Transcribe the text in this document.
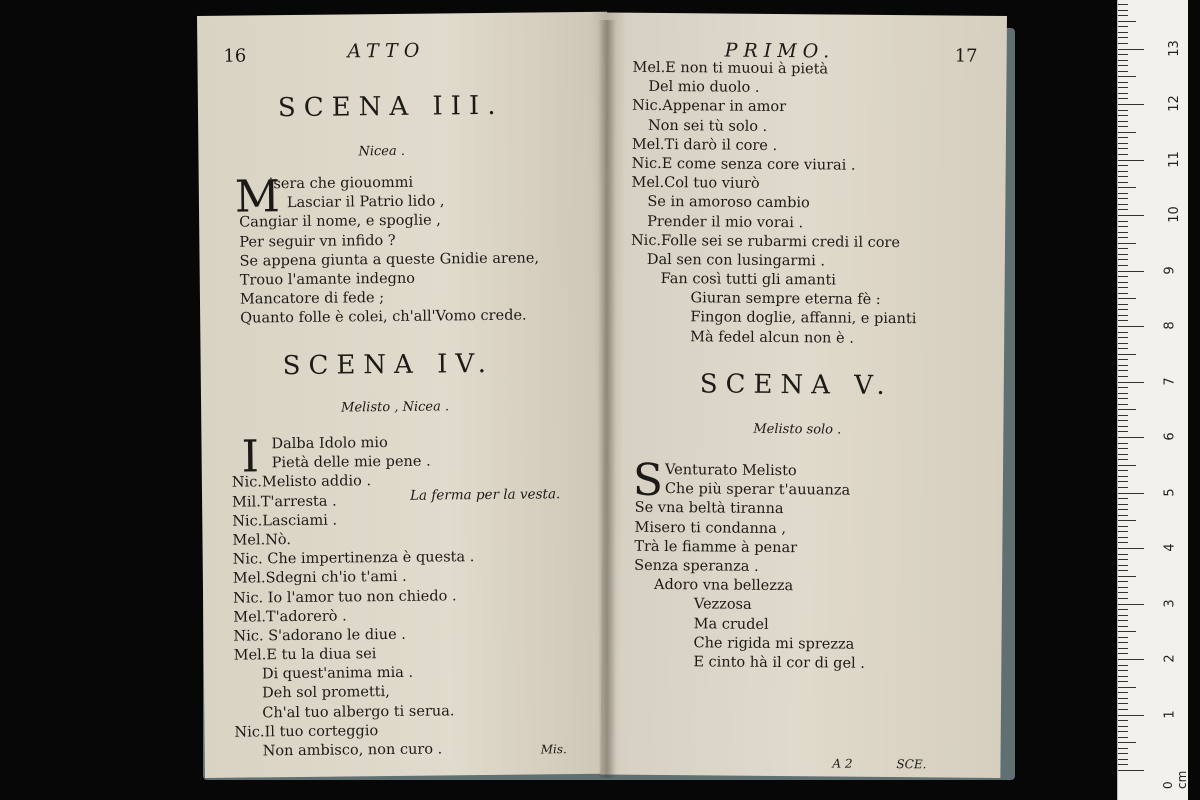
16	ATTO
SCENA III.
Nicea .
M
isera che giouommi
Lasciar il Patrio lido ,
Cangiar il nome, e spoglie ,
Per seguir vn infido ?
Se appena giunta a queste Gnidie arene,
Trouo l'amante indegno
Mancatore di fede ;
Quanto folle è colei, ch'all'Vomo crede.
SCENA IV.
Melisto , Nicea .
I Dalba Idolo mio
Pietà delle mie pene .
Nic.Melisto addio .
Mil.T'arresta .
Nic.Lasciami .
Mel.Nò.
Nic. Che impertinenza è questa .
Mel.Sdegni ch'io t'ami .
Nic. Io l'amor tuo non chiedo .
Mel.T'adorerò .
Nic. S'adorano le diue .
Mel.E tu la diua sei
Di quest'anima mia .
Deh sol prometti,
Ch'al tuo albergo ti serua.
Nic.Il tuo corteggio
Non ambisco, non curo .
La ferma per la vesta.
Mis.
PRIMO.	17
Mel.E non ti muoui à pietà
Del mio duolo .
Nic.Appenar in amor
Non sei tù solo .
Mel.Ti darò il core .
Nic.E come senza core viurai .
Mel.Col tuo viurò
Se in amoroso cambio
Prender il mio vorai .
Nic.Folle sei se rubarmi credi il core
Dal sen con lusingarmi .
Fan così tutti gli amanti
Giuran sempre eterna fè :
Fingon doglie, affanni, e pianti
Mà fedel alcun non è .
SCENA V.
Melisto solo .
S Venturato Melisto
Che più sperar t'auuanza
Se vna beltà tiranna
Misero ti condanna ,
Trà le fiamme à penar
Senza speranza .
Adoro vna bellezza
Vezzosa
Ma crudel
Che rigida mi sprezza
E cinto hà il cor di gel .
A 2	SCE.
0 cm
1
2
3
4
5
6
7
8
9
10
11
12
13
